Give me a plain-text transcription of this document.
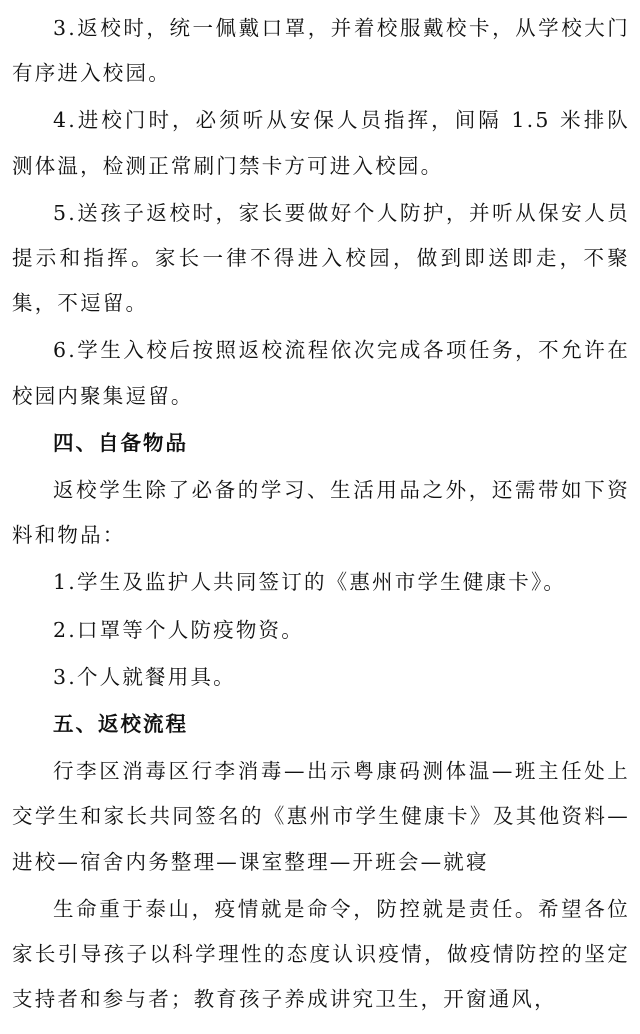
3.返校时，统一佩戴口罩，并着校服戴校卡，从学校大门有序进入校园。

4.进校门时，必须听从安保人员指挥，间隔 1.5 米排队测体温，检测正常刷门禁卡方可进入校园。

5.送孩子返校时，家长要做好个人防护，并听从保安人员提示和指挥。家长一律不得进入校园，做到即送即走，不聚集，不逗留。

6.学生入校后按照返校流程依次完成各项任务，不允许在校园内聚集逗留。

四、自备物品

返校学生除了必备的学习、生活用品之外，还需带如下资料和物品：

1.学生及监护人共同签订的《惠州市学生健康卡》。

2.口罩等个人防疫物资。

3.个人就餐用具。

五、返校流程

行李区消毒区行李消毒—出示粤康码测体温—班主任处上交学生和家长共同签名的《惠州市学生健康卡》及其他资料—进校—宿舍内务整理—课室整理—开班会—就寝

生命重于泰山，疫情就是命令，防控就是责任。希望各位家长引导孩子以科学理性的态度认识疫情，做疫情防控的坚定支持者和参与者；教育孩子养成讲究卫生，开窗通风，
